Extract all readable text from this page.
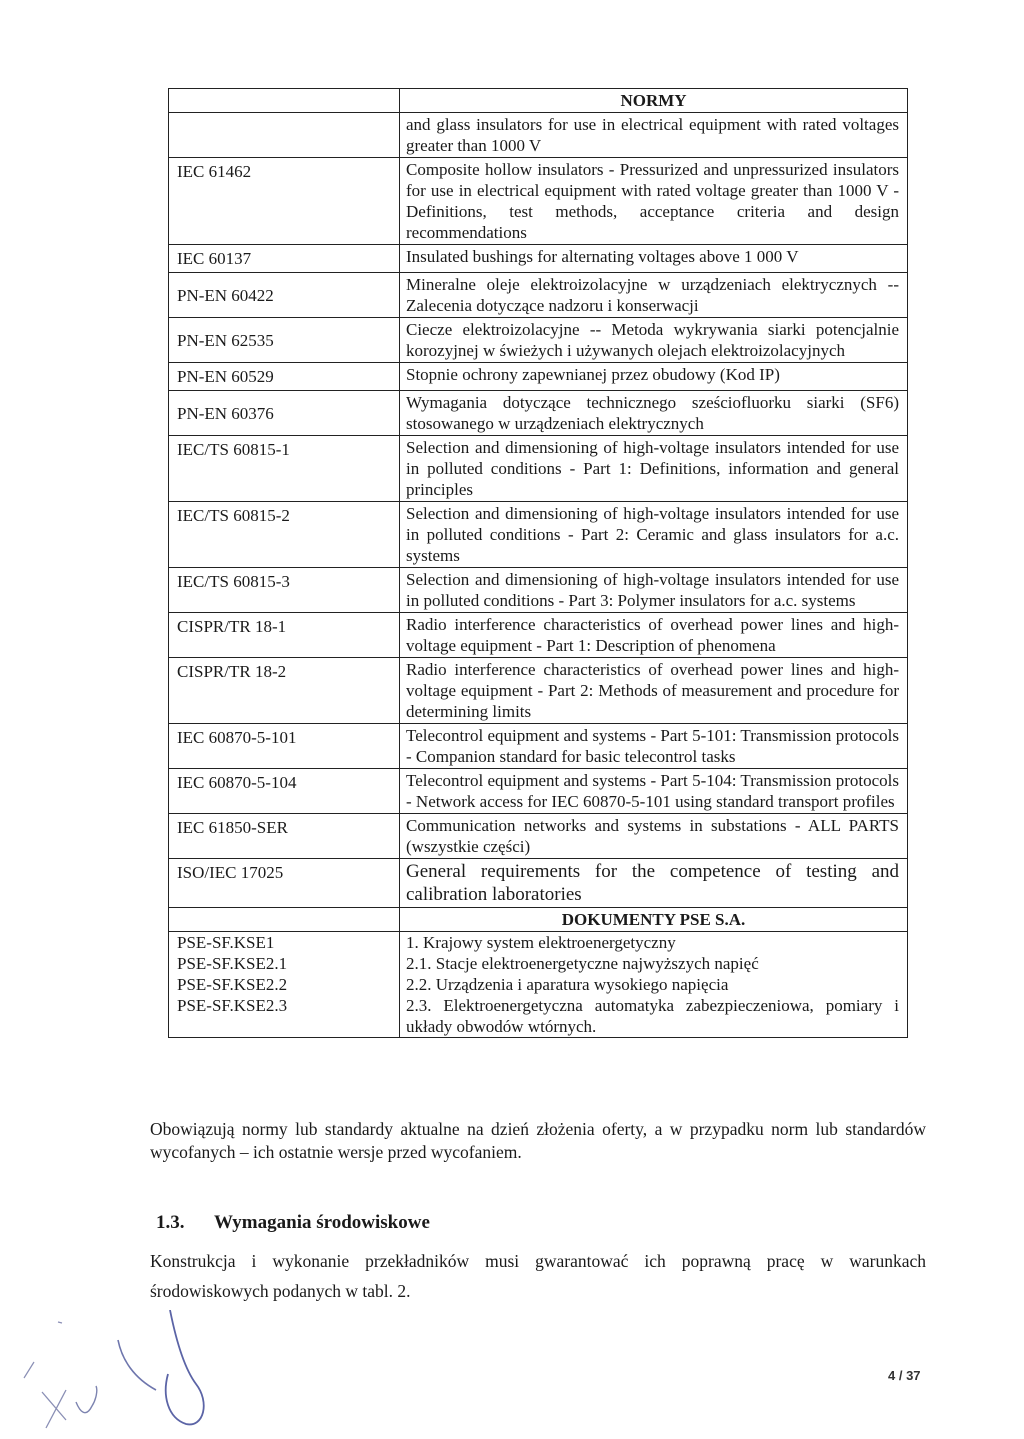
	NORMY
	and glass insulators for use in electrical equipment with rated voltages greater than 1000 V
IEC 61462	Composite hollow insulators - Pressurized and unpressurized insulators for use in electrical equipment with rated voltage greater than 1000 V - Definitions, test methods, acceptance criteria and design recommendations
IEC 60137	Insulated bushings for alternating voltages above 1 000 V
PN-EN 60422	Mineralne oleje elektroizolacyjne w urządzeniach elektrycznych -- Zalecenia dotyczące nadzoru i konserwacji
PN-EN 62535	Ciecze elektroizolacyjne -- Metoda wykrywania siarki potencjalnie korozyjnej w świeżych i używanych olejach elektroizolacyjnych
PN-EN 60529	Stopnie ochrony zapewnianej przez obudowy (Kod IP)
PN-EN 60376	Wymagania dotyczące technicznego sześciofluorku siarki (SF6) stosowanego w urządzeniach elektrycznych
IEC/TS 60815-1	Selection and dimensioning of high-voltage insulators intended for use in polluted conditions - Part 1: Definitions, information and general principles
IEC/TS 60815-2	Selection and dimensioning of high-voltage insulators intended for use in polluted conditions - Part 2: Ceramic and glass insulators for a.c. systems
IEC/TS 60815-3	Selection and dimensioning of high-voltage insulators intended for use in polluted conditions - Part 3: Polymer insulators for a.c. systems
CISPR/TR 18-1	Radio interference characteristics of overhead power lines and high-voltage equipment - Part 1: Description of phenomena
CISPR/TR 18-2	Radio interference characteristics of overhead power lines and high-voltage equipment - Part 2: Methods of measurement and procedure for determining limits
IEC 60870-5-101	Telecontrol equipment and systems - Part 5-101: Transmission protocols - Companion standard for basic telecontrol tasks
IEC 60870-5-104	Telecontrol equipment and systems - Part 5-104: Transmission protocols - Network access for IEC 60870-5-101 using standard transport profiles
IEC 61850-SER	Communication networks and systems in substations - ALL PARTS (wszystkie części)
ISO/IEC 17025	General requirements for the competence of testing and calibration laboratories
	DOKUMENTY PSE S.A.
PSE-SF.KSE1	1. Krajowy system elektroenergetyczny
PSE-SF.KSE2.1	2.1. Stacje elektroenergetyczne najwyższych napięć
PSE-SF.KSE2.2	2.2. Urządzenia i aparatura wysokiego napięcia
PSE-SF.KSE2.3	2.3. Elektroenergetyczna automatyka zabezpieczeniowa, pomiary i układy obwodów wtórnych.
Obowiązują normy lub standardy aktualne na dzień złożenia oferty, a w przypadku norm lub standardów wycofanych – ich ostatnie wersje przed wycofaniem.
1.3. Wymagania środowiskowe
Konstrukcja i wykonanie przekładników musi gwarantować ich poprawną pracę w warunkach środowiskowych podanych w tabl. 2.
4 / 37
